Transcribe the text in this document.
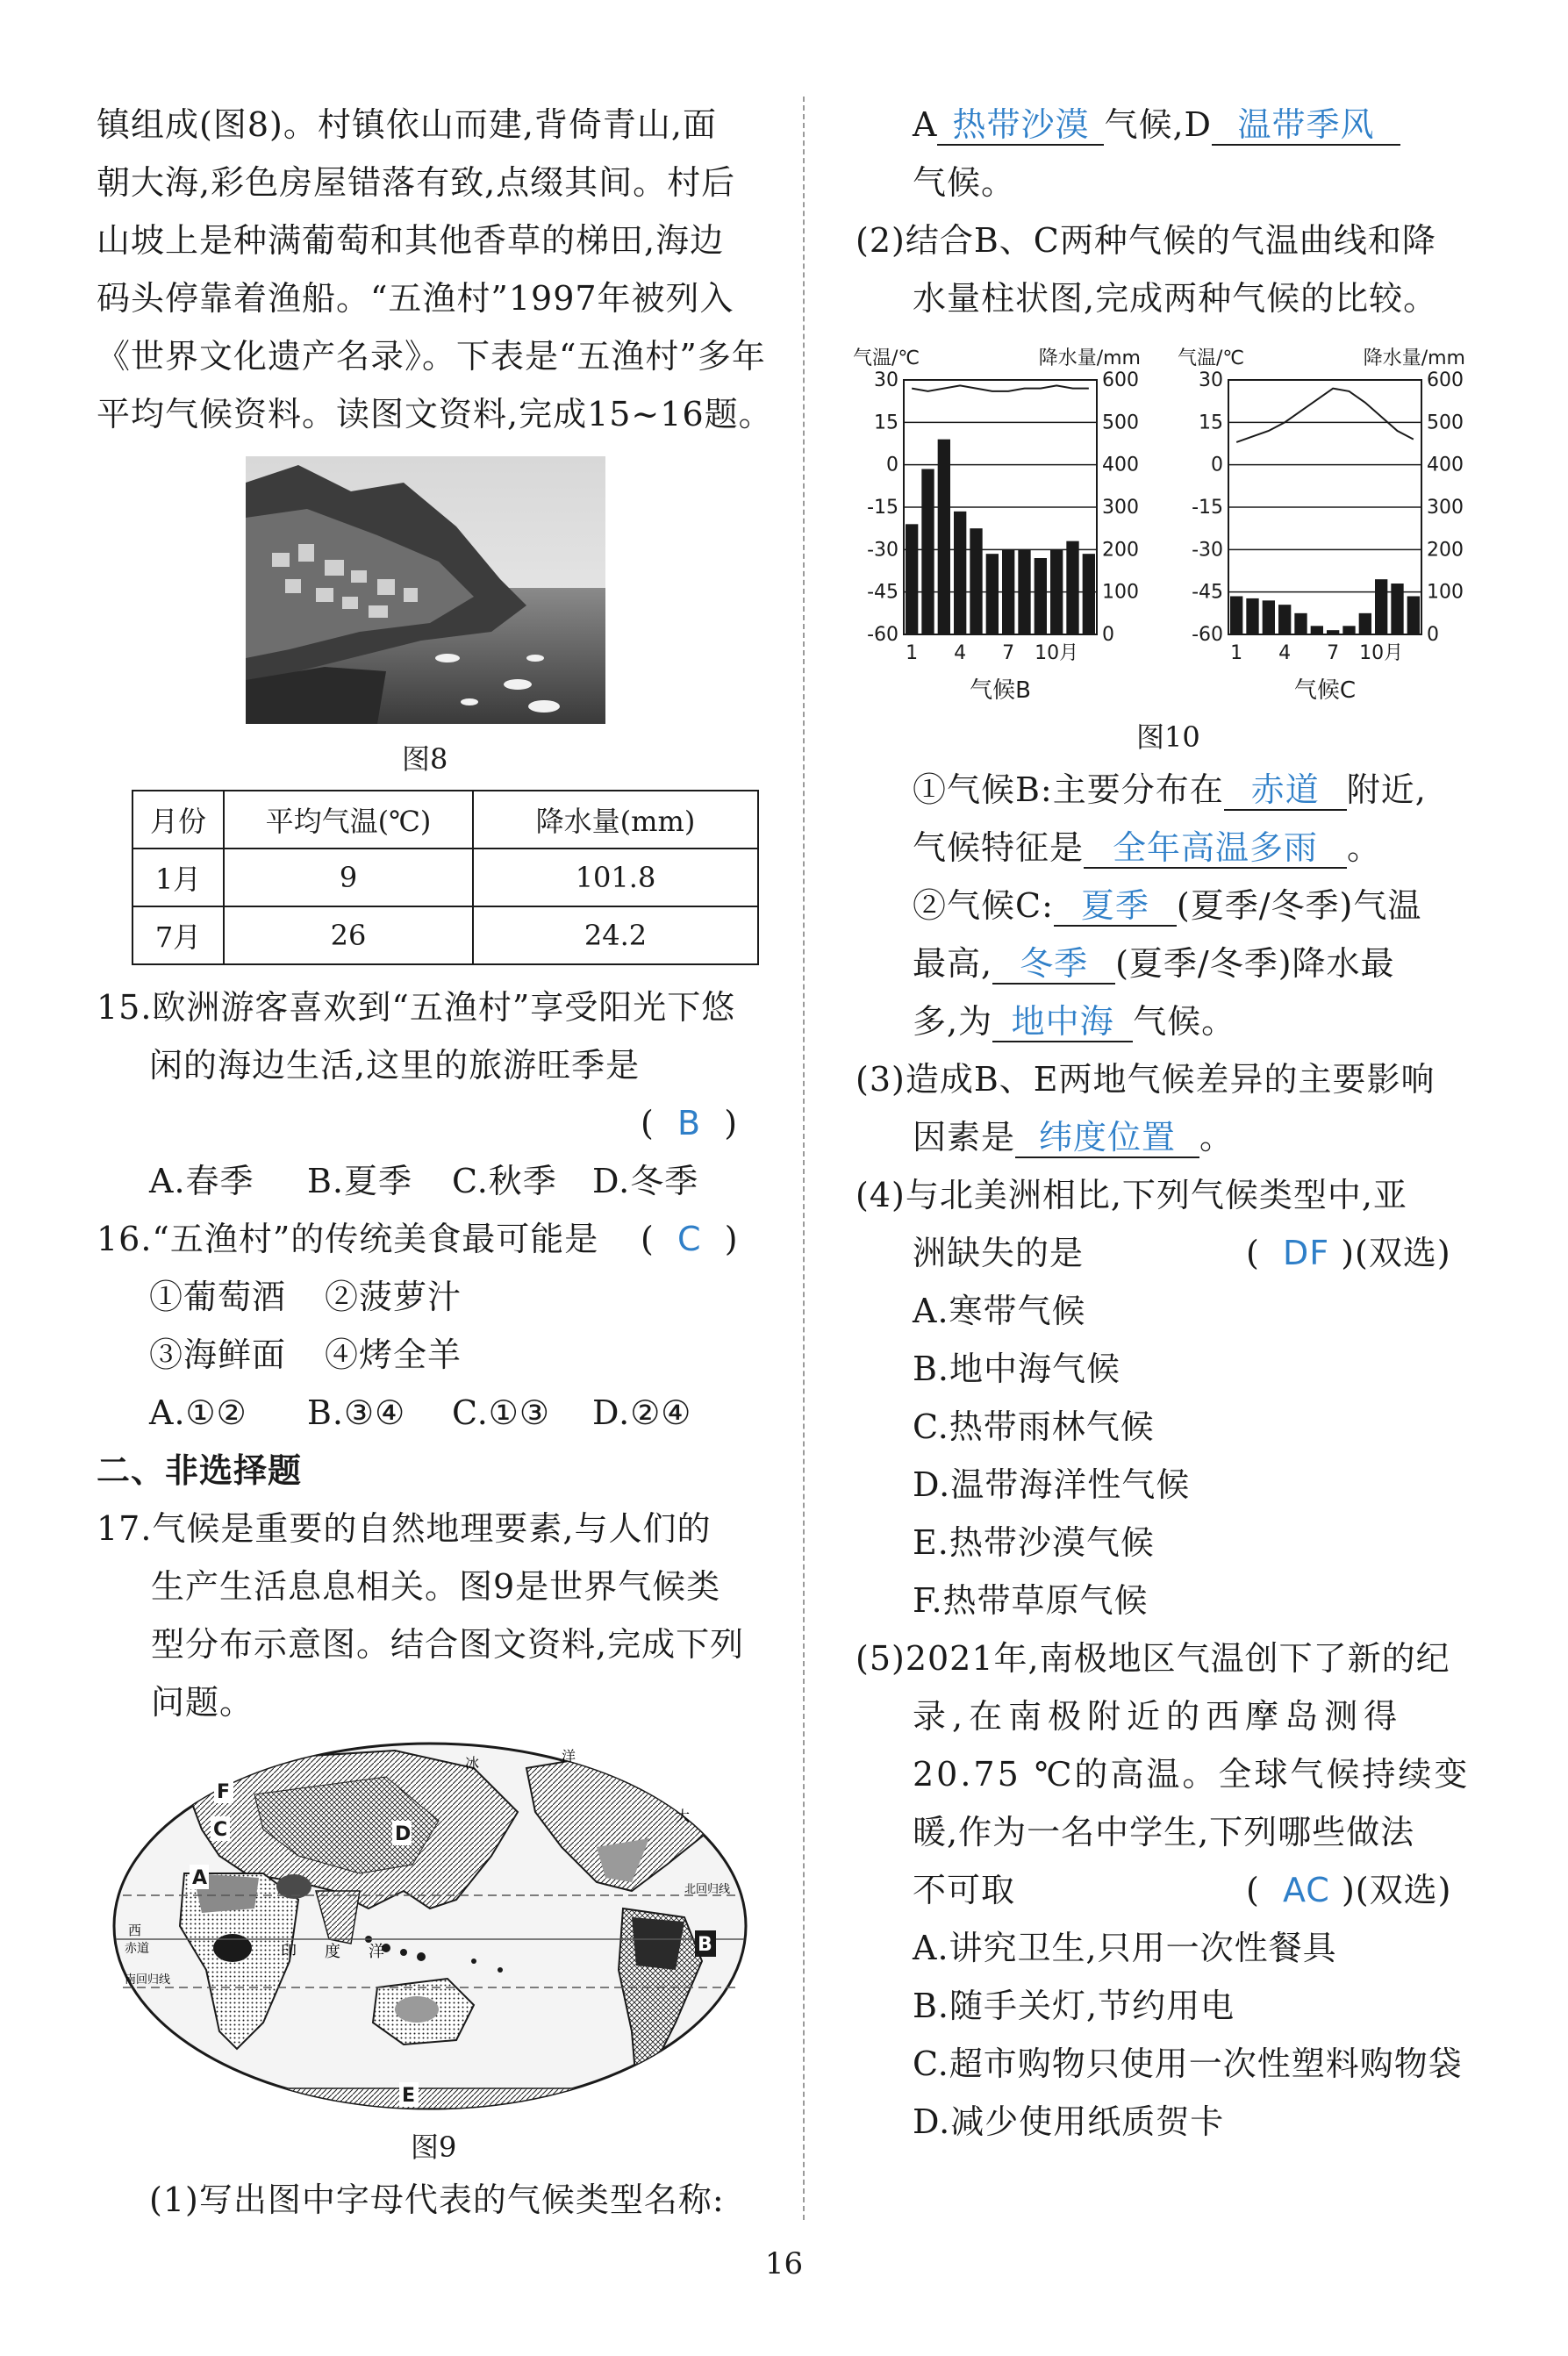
镇组成(图8)。村镇依山而建,背倚青山,面
朝大海,彩色房屋错落有致,点缀其间。村后
山坡上是种满葡萄和其他香草的梯田,海边
码头停靠着渔船。“五渔村”1997年被列入
《世界文化遗产名录》。下表是“五渔村”多年
平均气候资料。读图文资料,完成15~16题。
图8
月份	平均气温(℃)	降水量(mm)
1月	9	101.8
7月	26	24.2
15.欧洲游客喜欢到“五渔村”享受阳光下悠
闲的海边生活,这里的旅游旺季是
(  B  )
A.春季 B.夏季 C.秋季 D.冬季
16.“五渔村”的传统美食最可能是 (  C  )
①葡萄酒 ②菠萝汁
③海鲜面 ④烤全羊
A.①② B.③④ C.①③ D.②④
二、非选择题
17.气候是重要的自然地理要素,与人们的
生产生活息息相关。图9是世界气候类
型分布示意图。结合图文资料,完成下列
问题。
冰	洋
大
西
赤道	印 度 洋
北回归线
南回归线
A
B
C	D
E
F
图9
(1)写出图中字母代表的气候类型名称:
A 热带沙漠 气候,D 温带季风
气候。
(2)结合B、C两种气候的气温曲线和降
水量柱状图,完成两种气候的比较。
气温/℃	降水量/mm
-60
-45
-30
-15
0
15
30
0
100
200
300
400
500
600
1 4 7 10月
气候B
气温/℃	降水量/mm
-60
-45
-30
-15
0
15
30
0
100
200
300
400
500
600
1 4 7 10月
气候C
图10
①气候B:主要分布在 赤道 附近,
气候特征是 全年高温多雨 。
②气候C: 夏季 (夏季/冬季)气温
最高, 冬季 (夏季/冬季)降水最
多,为 地中海 气候。
(3)造成B、E两地气候差异的主要影响
因素是 纬度位置 。
(4)与北美洲相比,下列气候类型中,亚
洲缺失的是	(  DF )(双选)
A.寒带气候
B.地中海气候
C.热带雨林气候
D.温带海洋性气候
E.热带沙漠气候
F.热带草原气候
(5)2021年,南极地区气温创下了新的纪
录,在南极附近的西摩岛测得
20.75 ℃的高温。全球气候持续变
暖,作为一名中学生,下列哪些做法
不可取	(  AC )(双选)
A.讲究卫生,只用一次性餐具
B.随手关灯,节约用电
C.超市购物只使用一次性塑料购物袋
D.减少使用纸质贺卡
16
